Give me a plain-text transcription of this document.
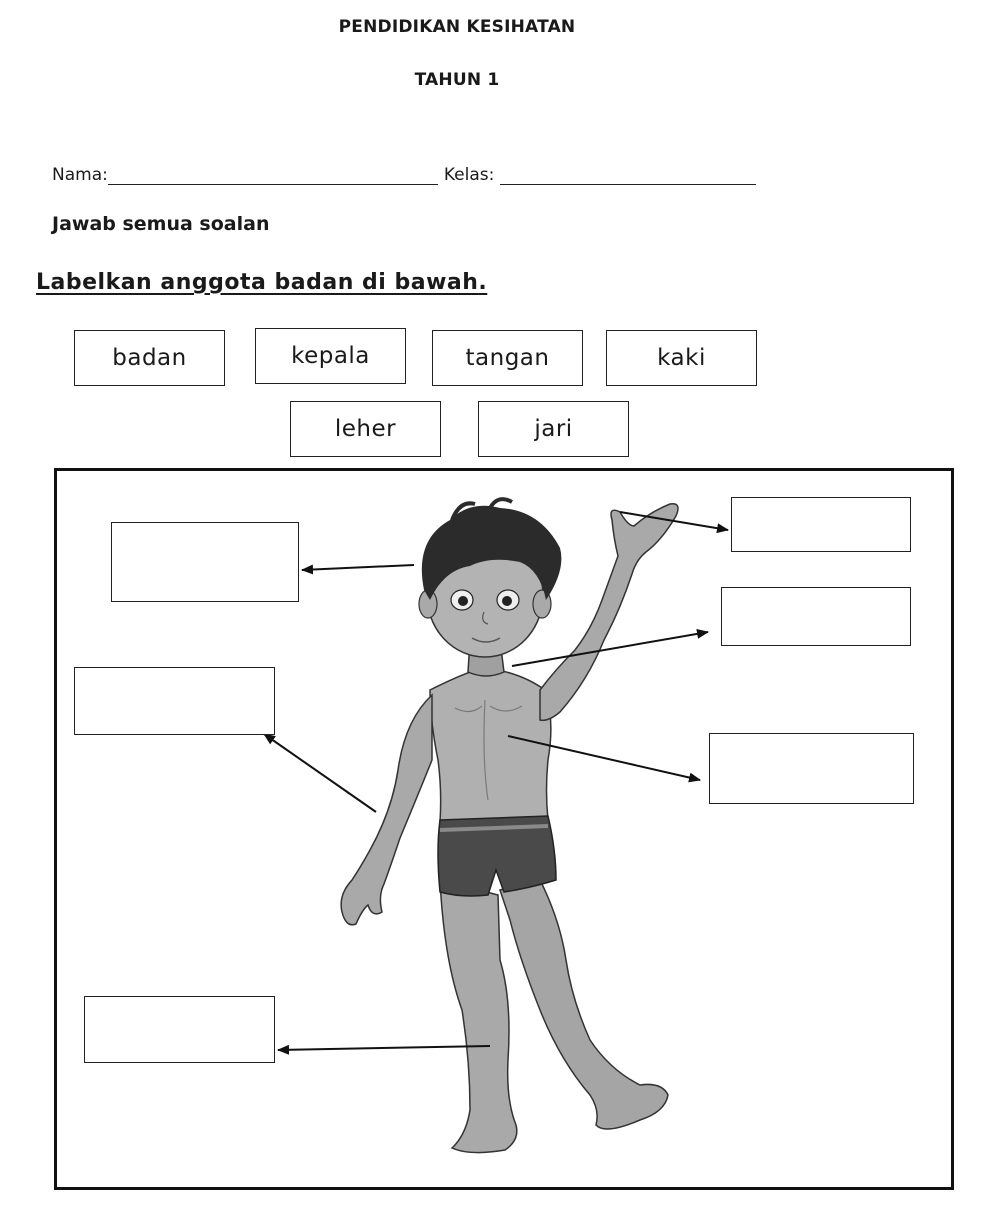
PENDIDIKAN KESIHATAN
TAHUN 1
Nama:	Kelas:
Jawab semua soalan
Labelkan anggota badan di bawah.
badan	kepala	tangan	kaki
leher	jari
